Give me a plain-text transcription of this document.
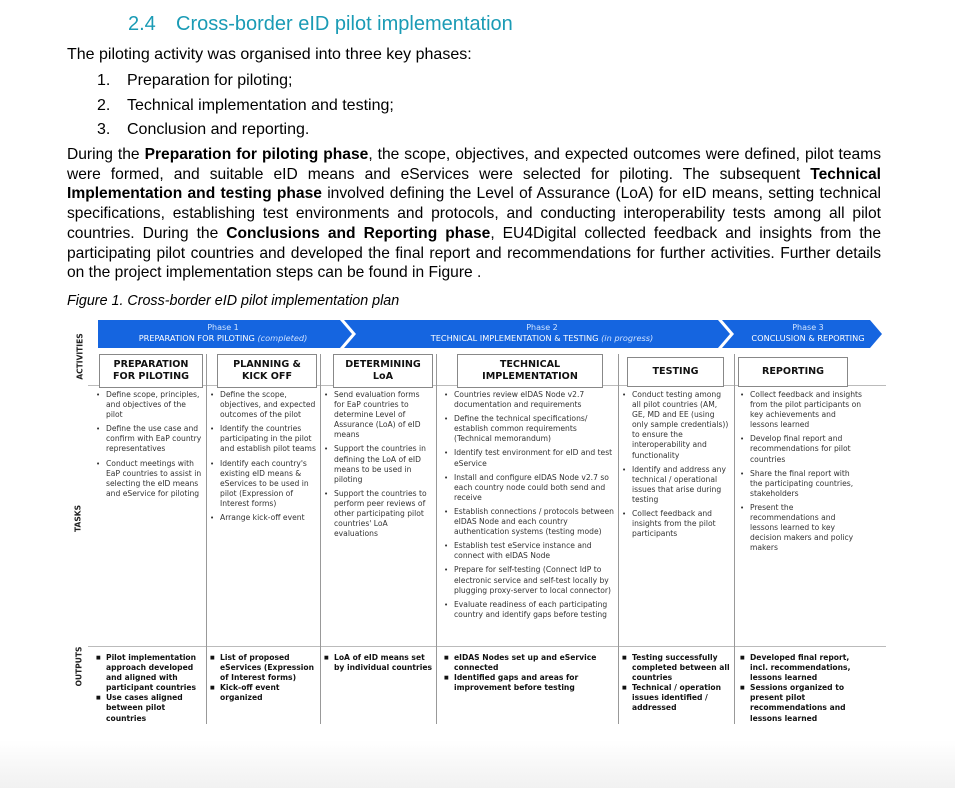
2.4 Cross-border eID pilot implementation
The piloting activity was organised into three key phases:
1. Preparation for piloting;
2. Technical implementation and testing;
3. Conclusion and reporting.
During the Preparation for piloting phase, the scope, objectives, and expected outcomes were defined, pilot teams were formed, and suitable eID means and eServices were selected for piloting. The subsequent Technical Implementation and testing phase involved defining the Level of Assurance (LoA) for eID means, setting technical specifications, establishing test environments and protocols, and conducting interoperability tests among all pilot countries. During the Conclusions and Reporting phase, EU4Digital collected feedback and insights from the participating pilot countries and developed the final report and recommendations for further activities. Further details on the project implementation steps can be found in Figure .
Figure 1. Cross-border eID pilot implementation plan
Phase 1
PREPARATION FOR PILOTING (completed)
Phase 2
TECHNICAL IMPLEMENTATION & TESTING (in progress)
Phase 3
CONCLUSION & REPORTING
ACTIVITIES
TASKS
OUTPUTS
PREPARATION FOR PILOTING
PLANNING & KICK OFF
DETERMINING LoA
TECHNICAL IMPLEMENTATION	TESTING	REPORTING
• Define scope, principles, and objectives of the pilot
• Define the use case and confirm with EaP country representatives
• Conduct meetings with EaP countries to assist in selecting the eID means and eService for piloting
• Define the scope, objectives, and expected outcomes of the pilot
• Identify the countries participating in the pilot and establish pilot teams
• Identify each country's existing eID means & eServices to be used in pilot (Expression of Interest forms)
• Arrange kick-off event
• Send evaluation forms for EaP countries to determine Level of Assurance (LoA) of eID means
• Support the countries in defining the LoA of eID means to be used in piloting
• Support the countries to perform peer reviews of other participating pilot countries' LoA evaluations
• Countries review eIDAS Node v2.7 documentation and requirements
• Define the technical specifications/ establish common requirements (Technical memorandum)
• Identify test environment for eID and test eService
• Install and configure eIDAS Node v2.7 so each country node could both send and receive
• Establish connections / protocols between eIDAS Node and each country authentication systems (testing mode)
• Establish test eService instance and connect with eIDAS Node
• Prepare for self-testing (Connect IdP to electronic service and self-test locally by plugging proxy-server to local connector)
• Evaluate readiness of each participating country and identify gaps before testing
• Conduct testing among all pilot countries (AM, GE, MD and EE (using only sample credentials)) to ensure the interoperability and functionality
• Identify and address any technical / operational issues that arise during testing
• Collect feedback and insights from the pilot participants
• Collect feedback and insights from the pilot participants on key achievements and lessons learned
• Develop final report and recommendations for pilot countries
• Share the final report with the participating countries, stakeholders
• Present the recommendations and lessons learned to key decision makers and policy makers
■ Pilot implementation approach developed and aligned with participant countries
■ Use cases aligned between pilot countries
■ List of proposed eServices (Expression of Interest forms)
■ Kick-off event organized
■ LoA of eID means set by individual countries
■ eIDAS Nodes set up and eService connected
■ Identified gaps and areas for improvement before testing
■ Testing successfully completed between all countries
■ Technical / operation issues identified / addressed
■ Developed final report, incl. recommendations, lessons learned
■ Sessions organized to present pilot recommendations and lessons learned
